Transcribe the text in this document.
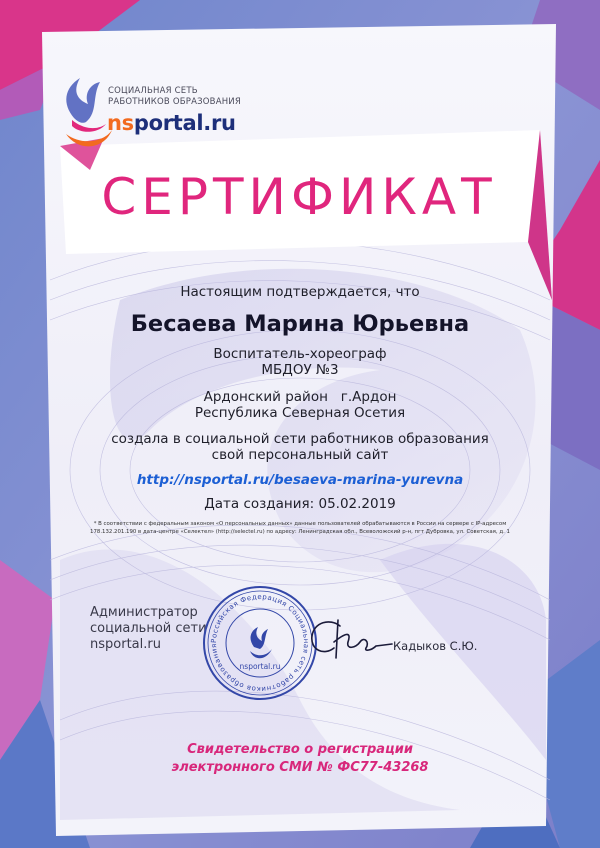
СОЦИАЛЬНАЯ СЕТЬ
РАБОТНИКОВ ОБРАЗОВАНИЯ
nsportal.ru
СЕРТИФИКАТ
Настоящим подтверждается, что
Бесаева Марина Юрьевна
Воспитатель-хореограф
МБДОУ №3
Ардонский район   г.Ардон
Республика Северная Осетия
создала в социальной сети работников образования
свой персональный сайт
http://nsportal.ru/besaeva-marina-yurevna
Дата создания: 05.02.2019
* В соответствии с федеральным законом «О персональных данных» данные пользователей обрабатываются в России на сервере с IP-адресом
178.132.201.190 в дата-центре «Селектел» (http://selectel.ru) по адресу: Ленинградская обл., Всеволожский р-н, пгт Дубровка, ул. Советская, д. 1
Администратор
социальной сети
nsportal.ru	Российская Федерация Социальная сеть работников образования
nsportal.ru
Кадыков С.Ю.
Свидетельство о регистрации
электронного СМИ № ФС77-43268
